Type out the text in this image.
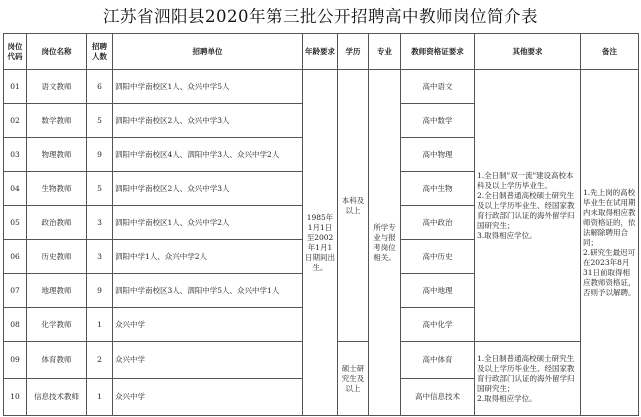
江苏省泗阳县2020年第三批公开招聘高中教师岗位简介表
岗位代码	岗位名称	招聘人数	招聘单位	年龄要求	学历	专业	教师资格证要求	其他要求	备注
01	语文教师	6	泗阳中学南校区1人、众兴中学5人	1985年1月1日至2002年1月1日期间出生。	本科及以上	所学专业与报考岗位相关。	高中语文	1.全日制"双一流"建设高校本科及以上学历毕业生。
2.全日制普通高校硕士研究生及以上学历毕业生、经国家教育行政部门认证的海外留学归国研究生；
3.取得相应学位。	1.先上岗的高校毕业生在试用期内未取得相应教师资格证的，依法解除聘用合同；
2.研究生最迟可在2023年8月31日前取得相应教师资格证，否则予以解聘。
02	数学教师	5	泗阳中学南校区2人、众兴中学3人				高中数学		
03	物理教师	9	泗阳中学南校区4人、泗阳中学3人、众兴中学2人				高中物理		
04	生物教师	5	泗阳中学南校区2人、众兴中学3人				高中生物		
05	政治教师	3	泗阳中学南校区1人、众兴中学2人				高中政治		
06	历史教师	3	泗阳中学1人、众兴中学2人				高中历史		
07	地理教师	9	泗阳中学南校区3人、泗阳中学5人、众兴中学1人				高中地理		
08	化学教师	1	众兴中学				高中化学		
09	体育教师	2	众兴中学		硕士研究生及以上		高中体育	1.全日制普通高校硕士研究生及以上学历毕业生、经国家教育行政部门认证的海外留学归国研究生；
2.取得相应学位。	
10	信息技术教师	1	众兴中学				高中信息技术		
